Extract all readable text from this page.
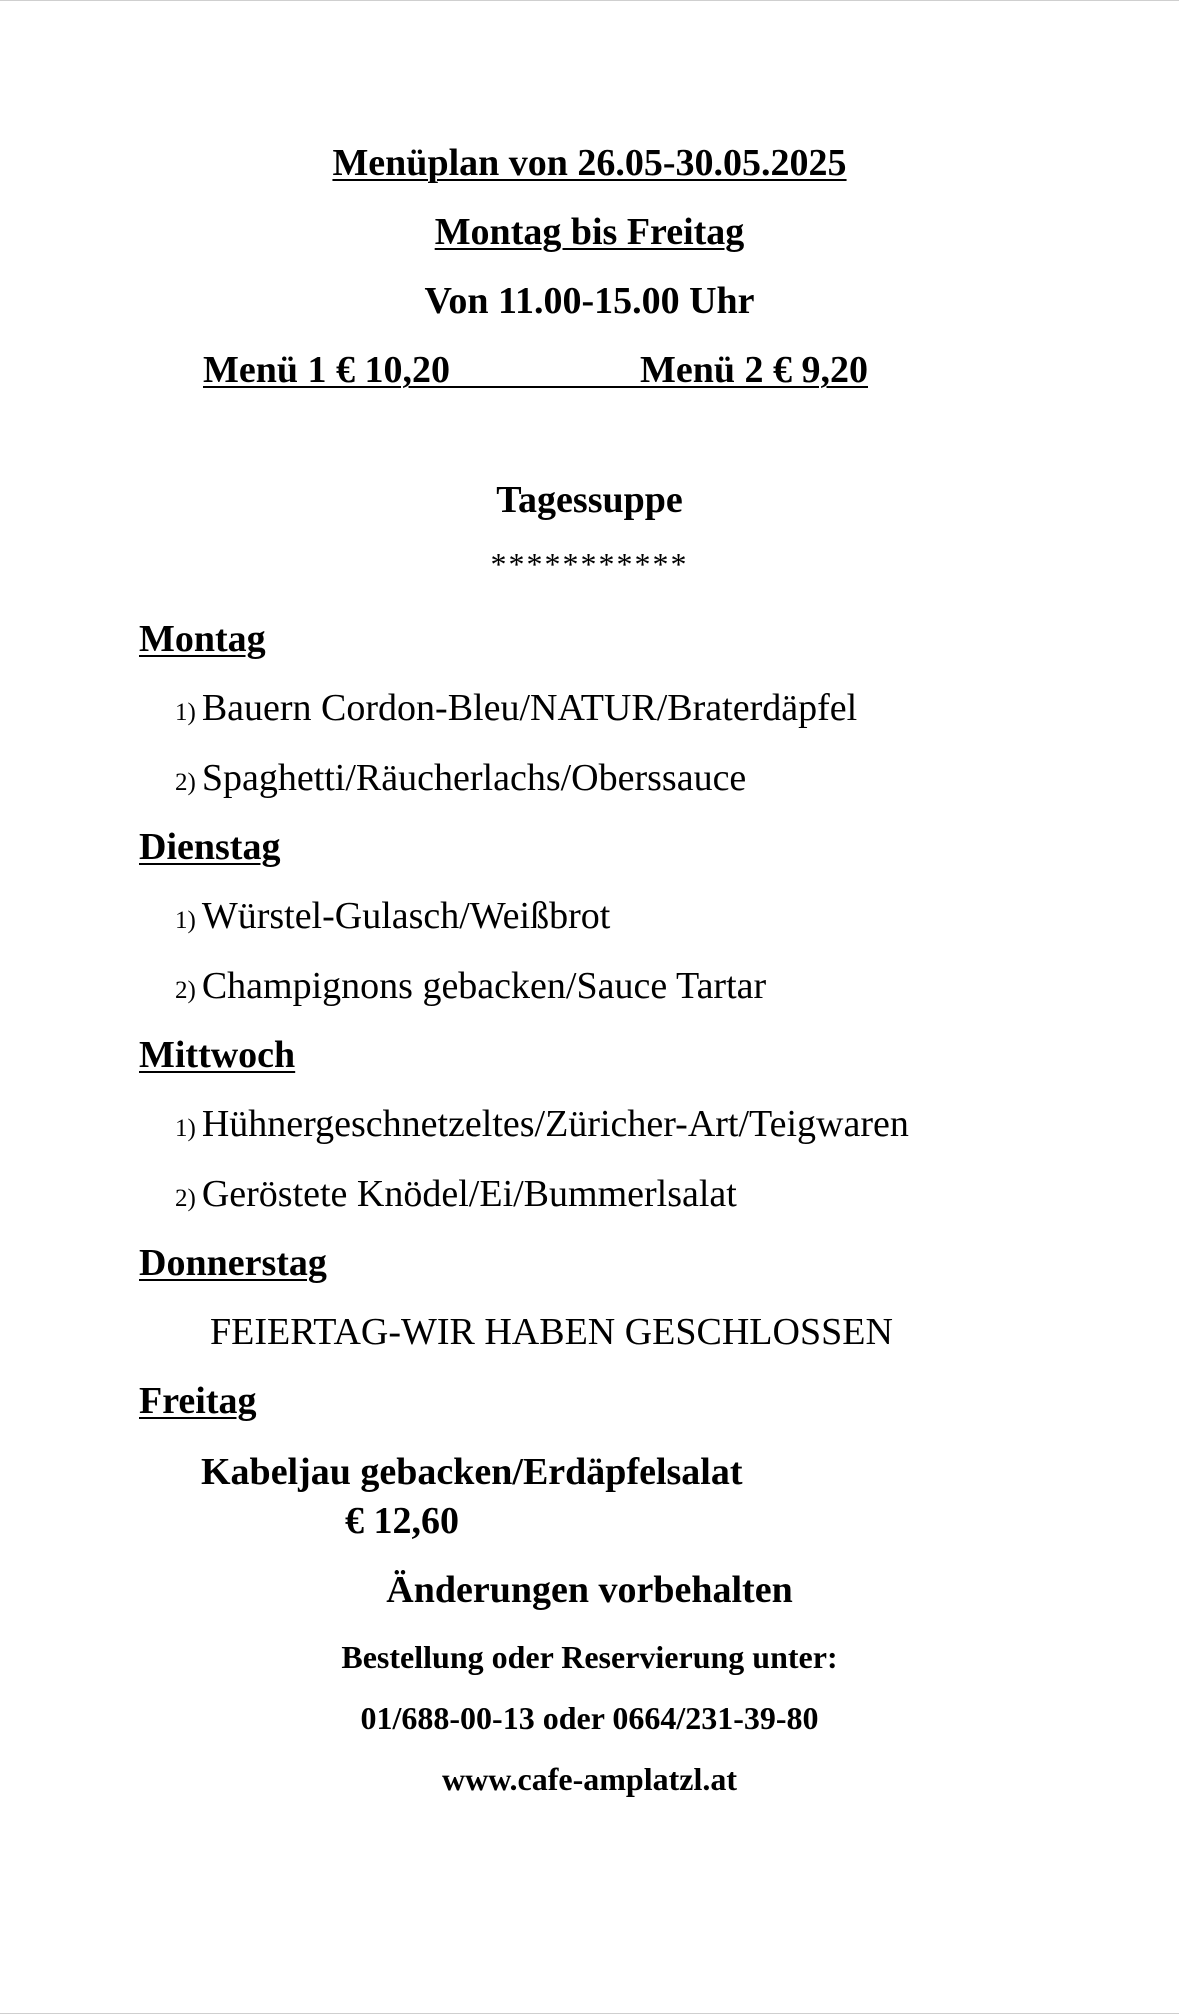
Menüplan von 26.05-30.05.2025
Montag bis Freitag
Von 11.00-15.00 Uhr
Menü 1 € 10,20	Menü 2 € 9,20
Tagessuppe
***********
Montag
1) Bauern Cordon-Bleu/NATUR/Braterdäpfel
2) Spaghetti/Räucherlachs/Oberssauce
Dienstag
1) Würstel-Gulasch/Weißbrot
2) Champignons gebacken/Sauce Tartar
Mittwoch
1) Hühnergeschnetzeltes/Züricher-Art/Teigwaren
2) Geröstete Knödel/Ei/Bummerlsalat
Donnerstag
FEIERTAG-WIR HABEN GESCHLOSSEN
Freitag
Kabeljau gebacken/Erdäpfelsalat
€ 12,60
Änderungen vorbehalten
Bestellung oder Reservierung unter:
01/688-00-13 oder 0664/231-39-80
www.cafe-amplatzl.at
